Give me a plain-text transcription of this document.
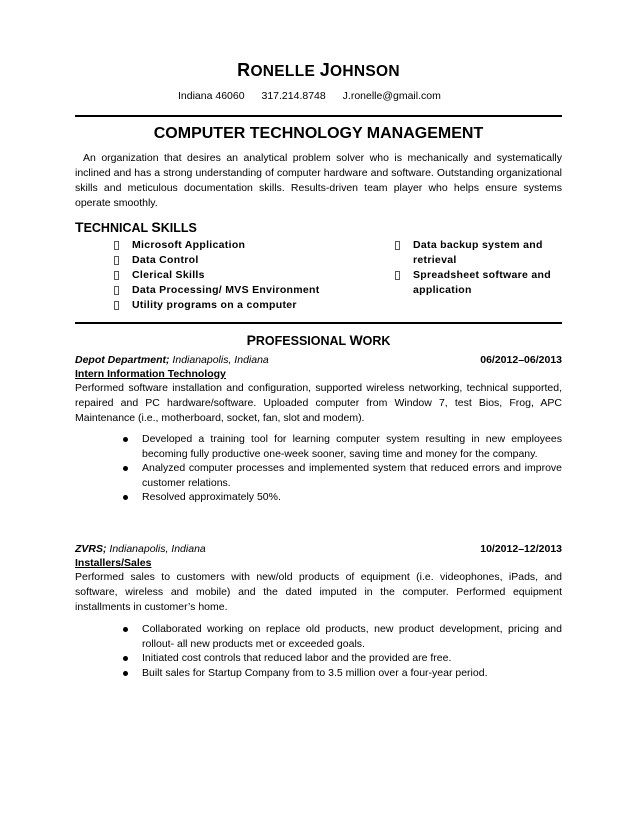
RONELLE JOHNSON
Indiana 46060 317.214.8748 J.ronelle@gmail.com
COMPUTER TECHNOLOGY MANAGEMENT
An organization that desires an analytical problem solver who is mechanically and systematically inclined and has a strong understanding of computer hardware and software. Outstanding organizational skills and meticulous documentation skills. Results-driven team player who helps ensure systems operate smoothly.
TECHNICAL SKILLS
Microsoft Application
Data Control
Clerical Skills
Data Processing/ MVS Environment
Utility programs on a computer
Data backup system and retrieval
Spreadsheet software and application
PROFESSIONAL WORK
Depot Department; Indianapolis, Indiana	06/2012–06/2013
Intern Information Technology
Performed software installation and configuration, supported wireless networking, technical supported, repaired and PC hardware/software. Uploaded computer from Window 7, test Bios, Frog, APC Maintenance (i.e., motherboard, socket, fan, slot and modem).
Developed a training tool for learning computer system resulting in new employees becoming fully productive one-week sooner, saving time and money for the company.
Analyzed computer processes and implemented system that reduced errors and improve customer relations.
Resolved approximately 50%.
ZVRS; Indianapolis, Indiana	10/2012–12/2013
Installers/Sales
Performed sales to customers with new/old products of equipment (i.e. videophones, iPads, and software, wireless and mobile) and the dated imputed in the computer. Performed equipment installments in customer’s home.
Collaborated working on replace old products, new product development, pricing and rollout- all new products met or exceeded goals.
Initiated cost controls that reduced labor and the provided are free.
Built sales for Startup Company from to 3.5 million over a four-year period.
